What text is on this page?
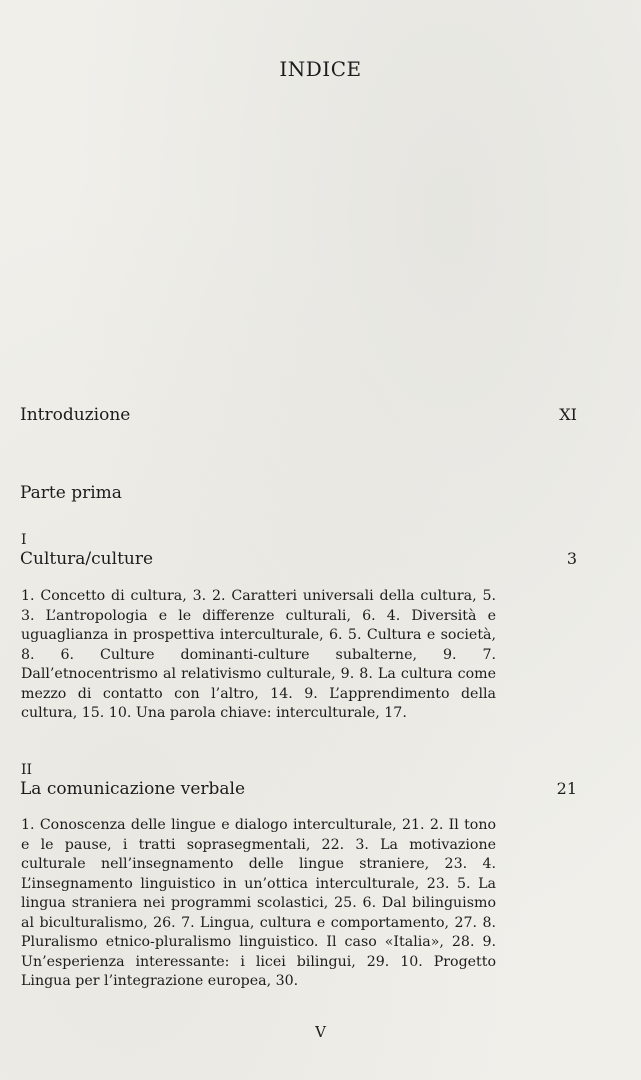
INDICE
Introduzione	XI
Parte prima
I
Cultura/culture	3
1. Concetto di cultura, 3. 2. Caratteri universali della cultura, 5. 3. L’antropologia e le differenze culturali, 6. 4. Diversità e uguaglianza in prospettiva interculturale, 6. 5. Cultura e società, 8. 6. Culture dominanti-culture subalterne, 9. 7. Dall’etnocentrismo al relativismo culturale, 9. 8. La cultura come mezzo di contatto con l’altro, 14. 9. L’apprendimento della cultura, 15. 10. Una parola chiave: interculturale, 17.
II
La comunicazione verbale	21
1. Conoscenza delle lingue e dialogo interculturale, 21. 2. Il tono e le pause, i tratti soprasegmentali, 22. 3. La motivazione culturale nell’insegnamento delle lingue straniere, 23. 4. L’insegnamento linguistico in un’ottica interculturale, 23. 5. La lingua straniera nei programmi scolastici, 25. 6. Dal bilinguismo al biculturalismo, 26. 7. Lingua, cultura e comportamento, 27. 8. Pluralismo etnico-pluralismo linguistico. Il caso «Italia», 28. 9. Un’esperienza interessante: i licei bilingui, 29. 10. Progetto Lingua per l’integrazione europea, 30.
V
